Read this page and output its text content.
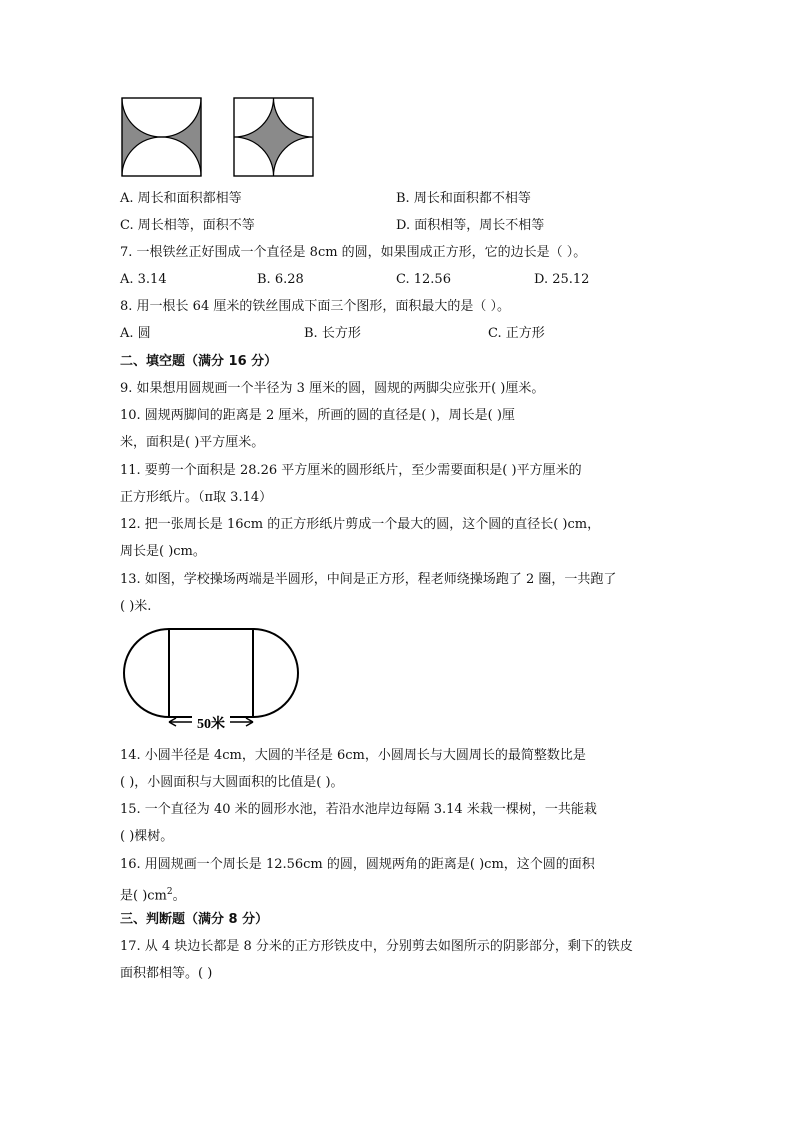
A. 周长和面积都相等	B. 周长和面积都不相等
C. 周长相等，面积不等	D. 面积相等，周长不相等
7. 一根铁丝正好围成一个直径是 8cm 的圆，如果围成正方形，它的边长是（ ）。
A. 3.14	B. 6.28	C. 12.56	D. 25.12
8. 用一根长 64 厘米的铁丝围成下面三个图形，面积最大的是（ ）。
A. 圆	B. 长方形	C. 正方形
二、填空题（满分 16 分）
9. 如果想用圆规画一个半径为 3 厘米的圆，圆规的两脚尖应张开( )厘米。
10. 圆规两脚间的距离是 2 厘米，所画的圆的直径是( )，周长是( )厘
米，面积是( )平方厘米。
11. 要剪一个面积是 28.26 平方厘米的圆形纸片，至少需要面积是( )平方厘米的
正方形纸片。（π取 3.14）
12. 把一张周长是 16cm 的正方形纸片剪成一个最大的圆，这个圆的直径长( )cm，
周长是( )cm。
13. 如图，学校操场两端是半圆形，中间是正方形，程老师绕操场跑了 2 圈，一共跑了
( )米.
50米
14. 小圆半径是 4cm，大圆的半径是 6cm，小圆周长与大圆周长的最简整数比是
( )，小圆面积与大圆面积的比值是( )。
15. 一个直径为 40 米的圆形水池，若沿水池岸边每隔 3.14 米栽一棵树，一共能栽
( )棵树。
16. 用圆规画一个周长是 12.56cm 的圆，圆规两角的距离是( )cm，这个圆的面积
是( )$cm^2$。
三、判断题（满分 8 分）
17. 从 4 块边长都是 8 分米的正方形铁皮中，分别剪去如图所示的阴影部分，剩下的铁皮
面积都相等。( )
